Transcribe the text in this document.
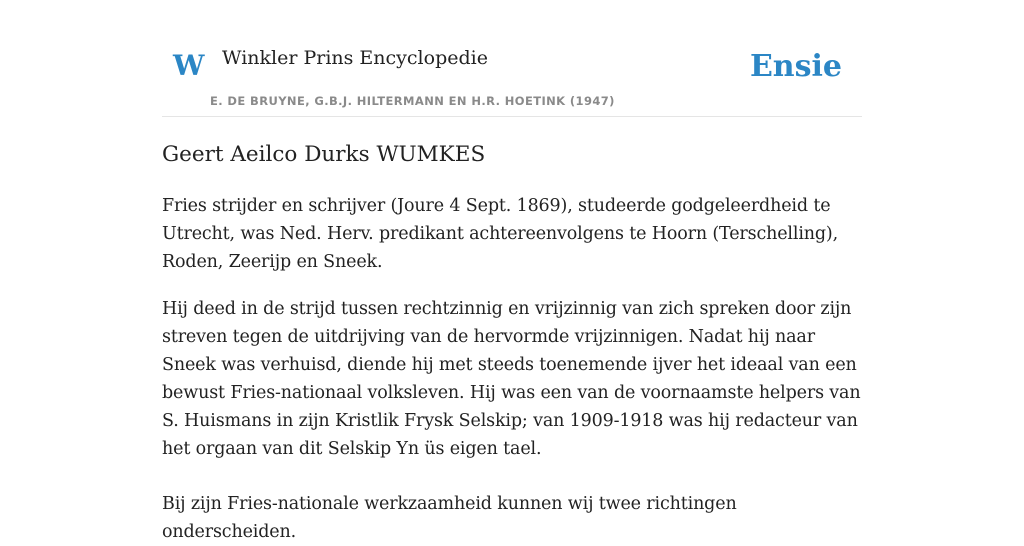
W Winkler Prins Encyclopedie
E. DE BRUYNE, G.B.J. HILTERMANN EN H.R. HOETINK (1947)
Ensie
Geert Aeilco Durks WUMKES

Fries strijder en schrijver (Joure 4 Sept. 1869), studeerde godgeleerdheid te Utrecht, was Ned. Herv. predikant achtereenvolgens te Hoorn (Terschelling), Roden, Zeerijp en Sneek.

Hij deed in de strijd tussen rechtzinnig en vrijzinnig van zich spreken door zijn streven tegen de uitdrijving van de hervormde vrijzinnigen. Nadat hij naar Sneek was verhuisd, diende hij met steeds toenemende ijver het ideaal van een bewust Fries-nationaal volksleven. Hij was een van de voornaamste helpers van S. Huismans in zijn Kristlik Frysk Selskip; van 1909-1918 was hij redacteur van het orgaan van dit Selskip Yn üs eigen tael.

Bij zijn Fries-nationale werkzaamheid kunnen wij twee richtingen onderscheiden.
